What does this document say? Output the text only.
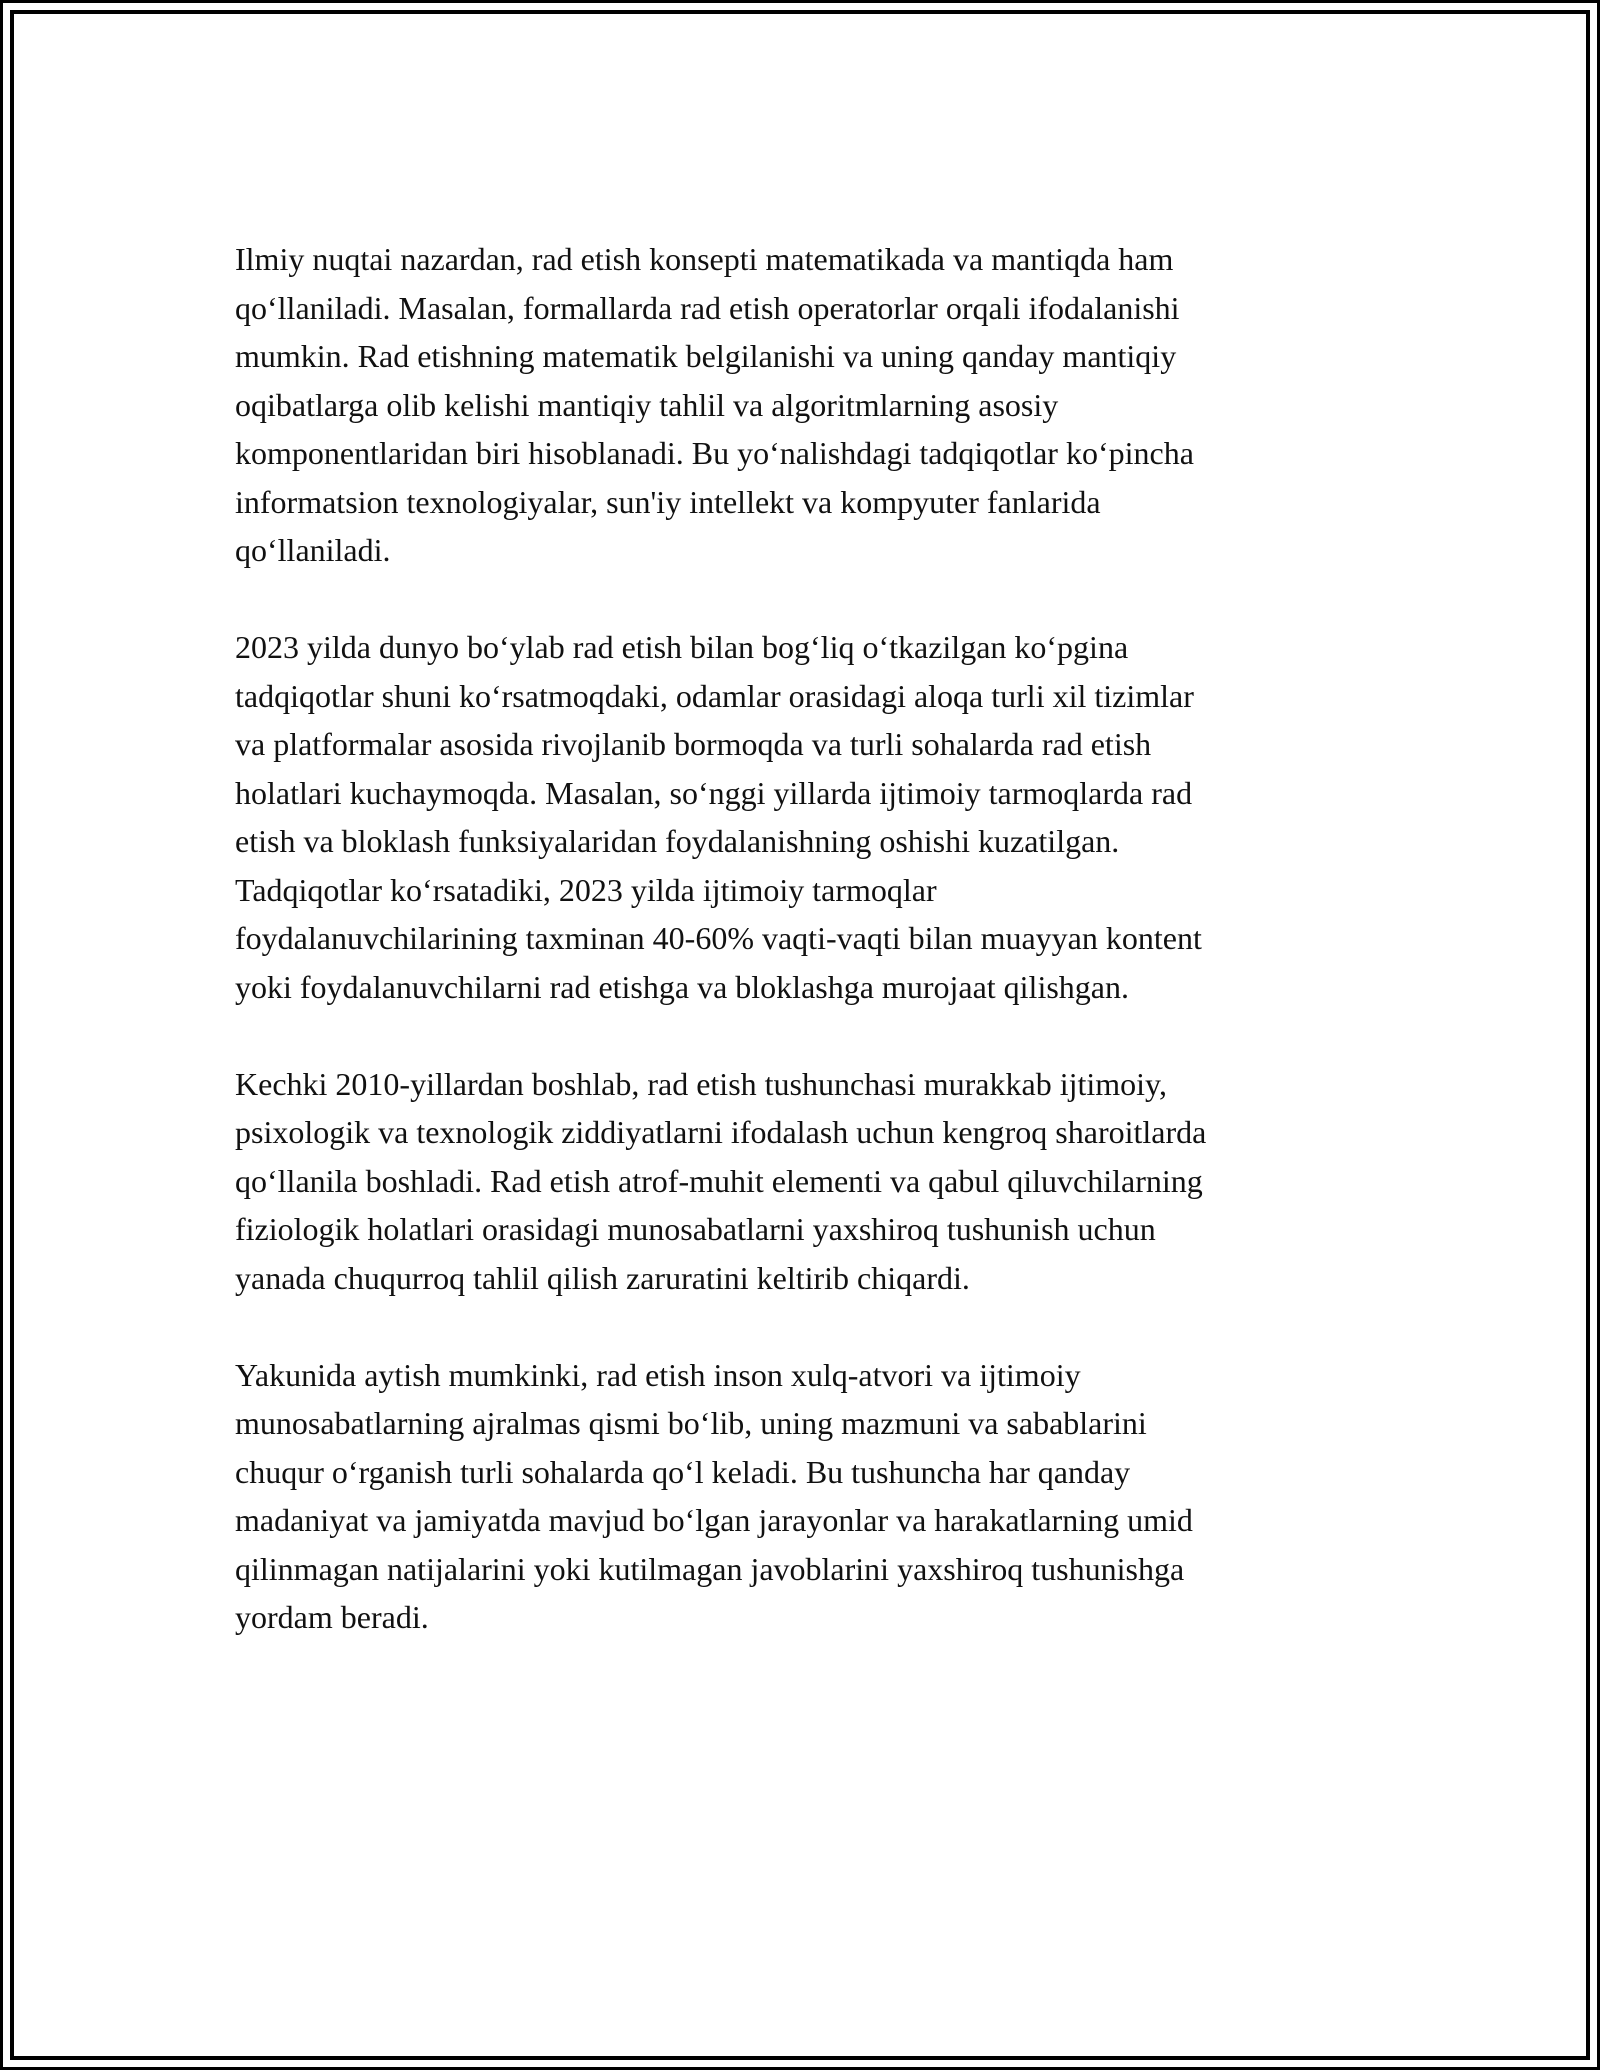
Ilmiy nuqtai nazardan, rad etish konsepti matematikada va mantiqda ham
qo‘llaniladi. Masalan, formallarda rad etish operatorlar orqali ifodalanishi
mumkin. Rad etishning matematik belgilanishi va uning qanday mantiqiy
oqibatlarga olib kelishi mantiqiy tahlil va algoritmlarning asosiy
komponentlaridan biri hisoblanadi. Bu yo‘nalishdagi tadqiqotlar ko‘pincha
informatsion texnologiyalar, sun'iy intellekt va kompyuter fanlarida
qo‘llaniladi.

2023 yilda dunyo bo‘ylab rad etish bilan bog‘liq o‘tkazilgan ko‘pgina
tadqiqotlar shuni ko‘rsatmoqdaki, odamlar orasidagi aloqa turli xil tizimlar
va platformalar asosida rivojlanib bormoqda va turli sohalarda rad etish
holatlari kuchaymoqda. Masalan, so‘nggi yillarda ijtimoiy tarmoqlarda rad
etish va bloklash funksiyalaridan foydalanishning oshishi kuzatilgan.
Tadqiqotlar ko‘rsatadiki, 2023 yilda ijtimoiy tarmoqlar
foydalanuvchilarining taxminan 40-60% vaqti-vaqti bilan muayyan kontent
yoki foydalanuvchilarni rad etishga va bloklashga murojaat qilishgan.

Kechki 2010-yillardan boshlab, rad etish tushunchasi murakkab ijtimoiy,
psixologik va texnologik ziddiyatlarni ifodalash uchun kengroq sharoitlarda
qo‘llanila boshladi. Rad etish atrof-muhit elementi va qabul qiluvchilarning
fiziologik holatlari orasidagi munosabatlarni yaxshiroq tushunish uchun
yanada chuqurroq tahlil qilish zaruratini keltirib chiqardi.

Yakunida aytish mumkinki, rad etish inson xulq-atvori va ijtimoiy
munosabatlarning ajralmas qismi bo‘lib, uning mazmuni va sabablarini
chuqur o‘rganish turli sohalarda qo‘l keladi. Bu tushuncha har qanday
madaniyat va jamiyatda mavjud bo‘lgan jarayonlar va harakatlarning umid
qilinmagan natijalarini yoki kutilmagan javoblarini yaxshiroq tushunishga
yordam beradi.
